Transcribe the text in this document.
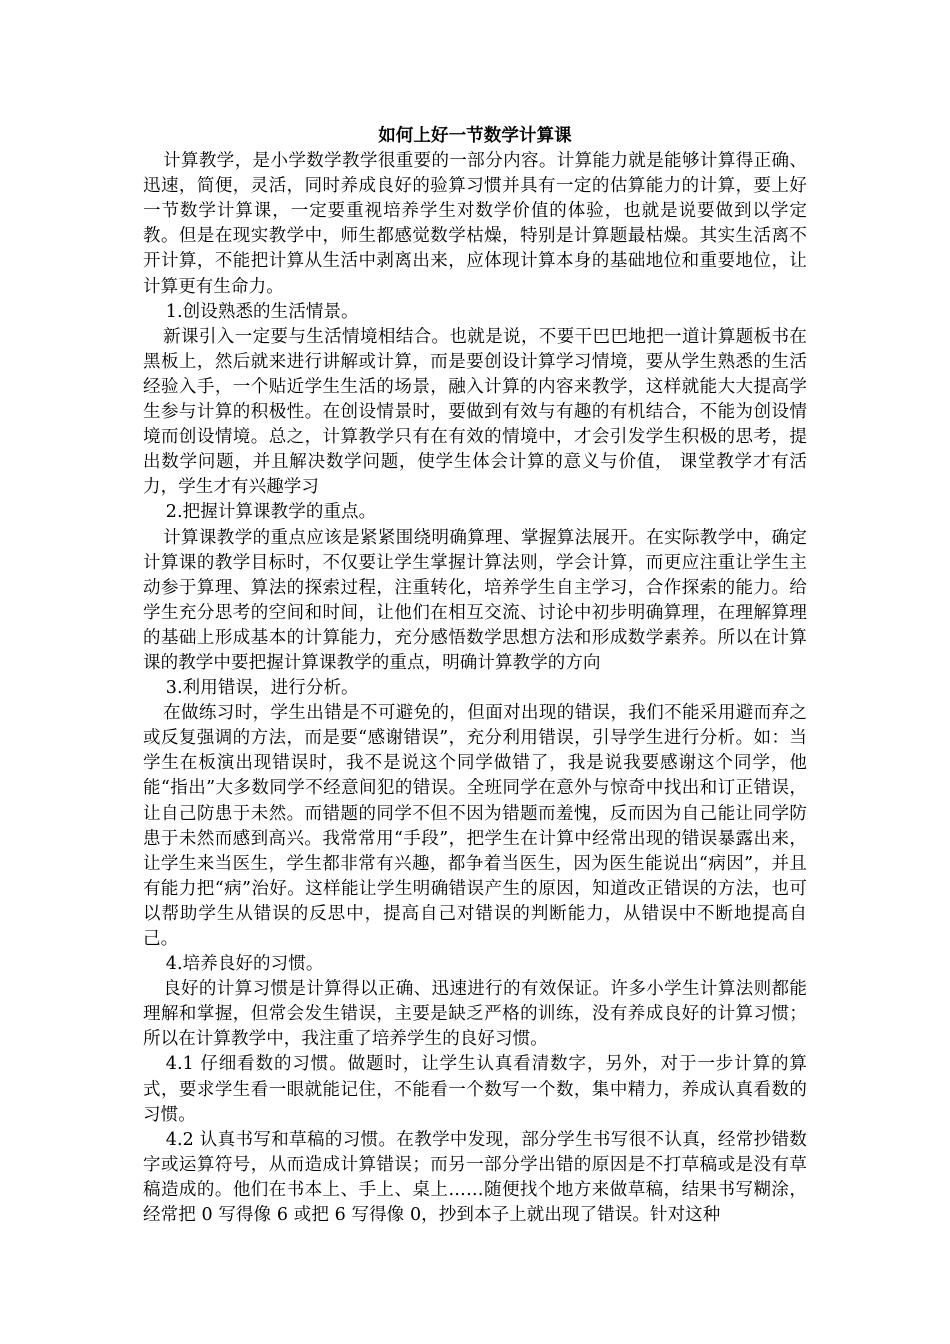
如何上好一节数学计算课

计算教学，是小学数学教学很重要的一部分内容。计算能力就是能够计算得正确、迅速，简便，灵活，同时养成良好的验算习惯并具有一定的估算能力的计算，要上好一节数学计算课，一定要重视培养学生对数学价值的体验，也就是说要做到以学定教。但是在现实教学中，师生都感觉数学枯燥，特别是计算题最枯燥。其实生活离不开计算，不能把计算从生活中剥离出来，应体现计算本身的基础地位和重要地位，让计算更有生命力。

1.创设熟悉的生活情景。

新课引入一定要与生活情境相结合。也就是说，不要干巴巴地把一道计算题板书在黑板上，然后就来进行讲解或计算，而是要创设计算学习情境，要从学生熟悉的生活经验入手，一个贴近学生生活的场景，融入计算的内容来教学，这样就能大大提高学生参与计算的积极性。在创设情景时，要做到有效与有趣的有机结合，不能为创设情境而创设情境。总之，计算教学只有在有效的情境中，才会引发学生积极的思考，提出数学问题，并且解决数学问题，使学生体会计算的意义与价值， 课堂教学才有活力，学生才有兴趣学习

2.把握计算课教学的重点。

计算课教学的重点应该是紧紧围绕明确算理、掌握算法展开。在实际教学中，确定计算课的教学目标时，不仅要让学生掌握计算法则，学会计算，而更应注重让学生主动参于算理、算法的探索过程，注重转化，培养学生自主学习，合作探索的能力。给学生充分思考的空间和时间，让他们在相互交流、讨论中初步明确算理，在理解算理的基础上形成基本的计算能力，充分感悟数学思想方法和形成数学素养。所以在计算课的教学中要把握计算课教学的重点，明确计算教学的方向

3.利用错误，进行分析。

在做练习时，学生出错是不可避免的，但面对出现的错误，我们不能采用避而弃之或反复强调的方法，而是要“感谢错误”，充分利用错误，引导学生进行分析。如：当学生在板演出现错误时，我不是说这个同学做错了，我是说我要感谢这个同学，他能“指出”大多数同学不经意间犯的错误。全班同学在意外与惊奇中找出和订正错误，让自己防患于未然。而错题的同学不但不因为错题而羞愧，反而因为自己能让同学防患于未然而感到高兴。我常常用“手段”，把学生在计算中经常出现的错误暴露出来，让学生来当医生，学生都非常有兴趣，都争着当医生，因为医生能说出“病因”，并且有能力把“病”治好。这样能让学生明确错误产生的原因，知道改正错误的方法，也可以帮助学生从错误的反思中，提高自己对错误的判断能力，从错误中不断地提高自己。

4.培养良好的习惯。

良好的计算习惯是计算得以正确、迅速进行的有效保证。许多小学生计算法则都能理解和掌握，但常会发生错误，主要是缺乏严格的训练，没有养成良好的计算习惯；所以在计算教学中，我注重了培养学生的良好习惯。

4.1 仔细看数的习惯。做题时，让学生认真看清数字，另外，对于一步计算的算式，要求学生看一眼就能记住，不能看一个数写一个数，集中精力，养成认真看数的习惯。

4.2 认真书写和草稿的习惯。在教学中发现，部分学生书写很不认真，经常抄错数字或运算符号，从而造成计算错误；而另一部分学出错的原因是不打草稿或是没有草稿造成的。他们在书本上、手上、桌上……随便找个地方来做草稿，结果书写糊涂，经常把 0 写得像 6 或把 6 写得像 0，抄到本子上就出现了错误。针对这种
